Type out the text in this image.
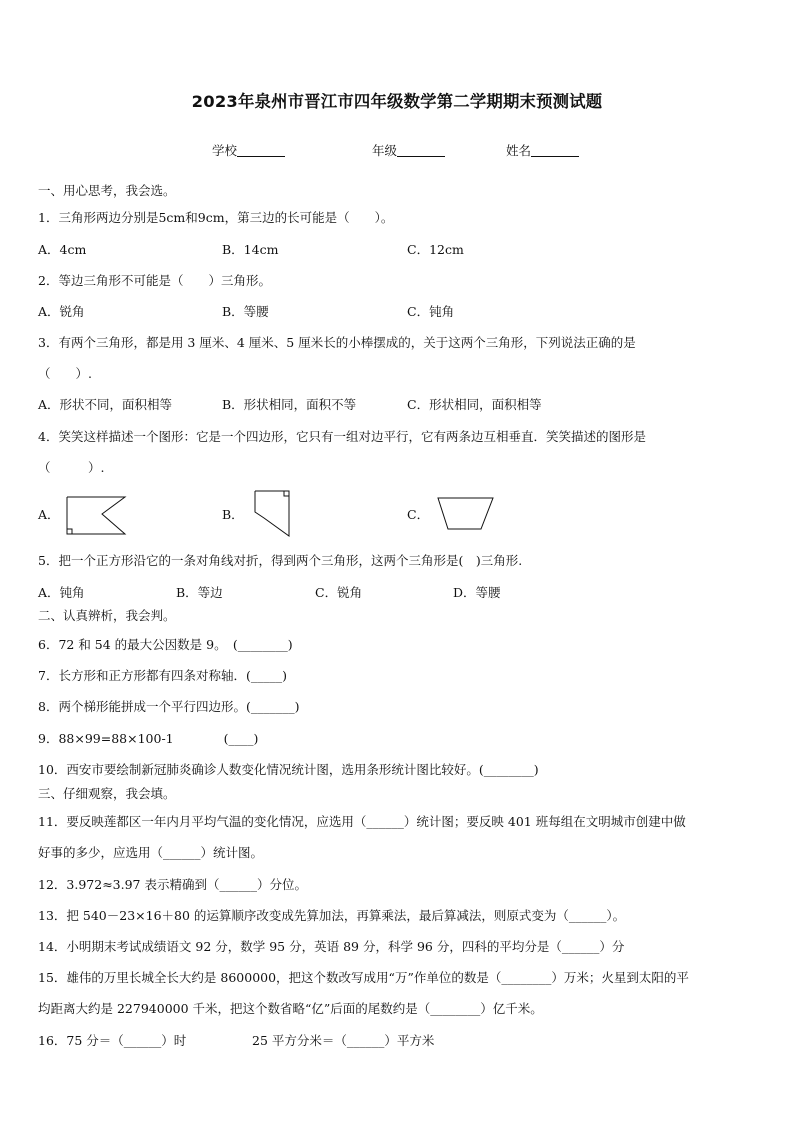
2023年泉州市晋江市四年级数学第二学期期末预测试题
学校	年级	姓名
一、用心思考，我会选。
1．三角形两边分别是5cm和9cm，第三边的长可能是（　　）。
A．4cm	B．14cm	C．12cm
2．等边三角形不可能是（　　）三角形。
A．锐角	B．等腰	C．钝角
3．有两个三角形，都是用 3 厘米、4 厘米、5 厘米长的小棒摆成的，关于这两个三角形，下列说法正确的是
（　　）.
A．形状不同，面积相等	B．形状相同，面积不等	C．形状相同，面积相等
4．笑笑这样描述一个图形：它是一个四边形，它只有一组对边平行，它有两条边互相垂直．笑笑描述的图形是
（　　　）.
A．	B．	C．
5．把一个正方形沿它的一条对角线对折，得到两个三角形，这两个三角形是(　)三角形.
A．钝角	B．等边	C．锐角	D．等腰
二、认真辨析，我会判。
6．72 和 54 的最大公因数是 9。　(________)
7．长方形和正方形都有四条对称轴．(_____)
8．两个梯形能拼成一个平行四边形。(_______)
9．88×99=88×100-1　　　　(____)
10．西安市要绘制新冠肺炎确诊人数变化情况统计图，选用条形统计图比较好。(________)
三、仔细观察，我会填。
11．要反映莲都区一年内月平均气温的变化情况，应选用（______）统计图；要反映 401 班每组在文明城市创建中做
好事的多少，应选用（______）统计图。
12．3.972≈3.97 表示精确到（______）分位。
13．把 540－23×16＋80 的运算顺序改变成先算加法，再算乘法，最后算减法，则原式变为（______）。
14．小明期末考试成绩语文 92 分，数学 95 分，英语 89 分，科学 96 分，四科的平均分是（______）分
15．雄伟的万里长城全长大约是 8600000，把这个数改写成用“万”作单位的数是（________）万米；火星到太阳的平
均距离大约是 227940000 千米，把这个数省略“亿”后面的尾数约是（________）亿千米。
16．75 分＝（______）时	25 平方分米＝（______）平方米
